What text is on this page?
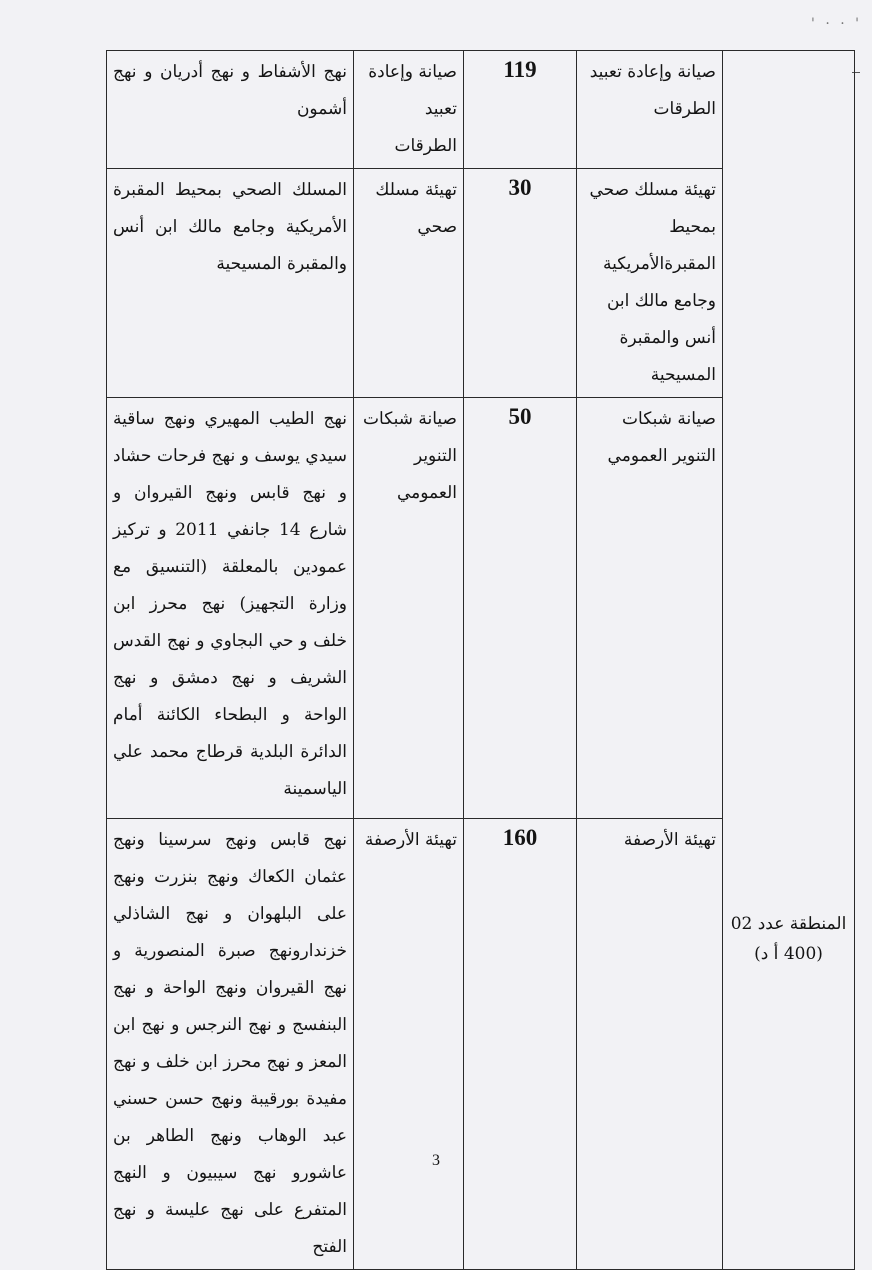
' · · '
المنطقة عدد 02
(400 أ د)	صيانة وإعادة تعبيد الطرقات	119	صيانة وإعادة تعبيد الطرقات	نهج الأشفاط و نهج أدريان و نهج أشمون
	تهيئة مسلك صحي بمحيط المقبرةالأمريكية وجامع مالك ابن أنس والمقبرة المسيحية	30	تهيئة مسلك صحي	المسلك الصحي بمحيط المقبرة الأمريكية وجامع مالك ابن أنس والمقبرة المسيحية
	صيانة شبكات التنوير العمومي	50	صيانة شبكات التنوير العمومي	نهج الطيب المهيري ونهج ساقية سيدي يوسف و نهج فرحات حشاد و نهج قابس ونهج القيروان و شارع 14 جانفي 2011 و تركيز عمودين بالمعلقة (التنسيق مع وزارة التجهيز) نهج محرز ابن خلف و حي البجاوي و نهج القدس الشريف و نهج دمشق و نهج الواحة و البطحاء الكائنة أمام الدائرة البلدية قرطاج محمد علي الياسمينة
	تهيئة الأرصفة	160	تهيئة الأرصفة	نهج قابس ونهج سرسينا ونهج عثمان الكعاك ونهج بنزرت ونهج على البلهوان و نهج الشاذلي خزندارونهج صبرة المنصورية و نهج القيروان ونهج الواحة و نهج البنفسج و نهج النرجس و نهج ابن المعز و نهج محرز ابن خلف و نهج مفيدة بورقيبة ونهج حسن حسني عبد الوهاب ونهج الطاهر بن عاشورو نهج سيبيون و النهج المتفرع على نهج عليسة و نهج الفتح
3
